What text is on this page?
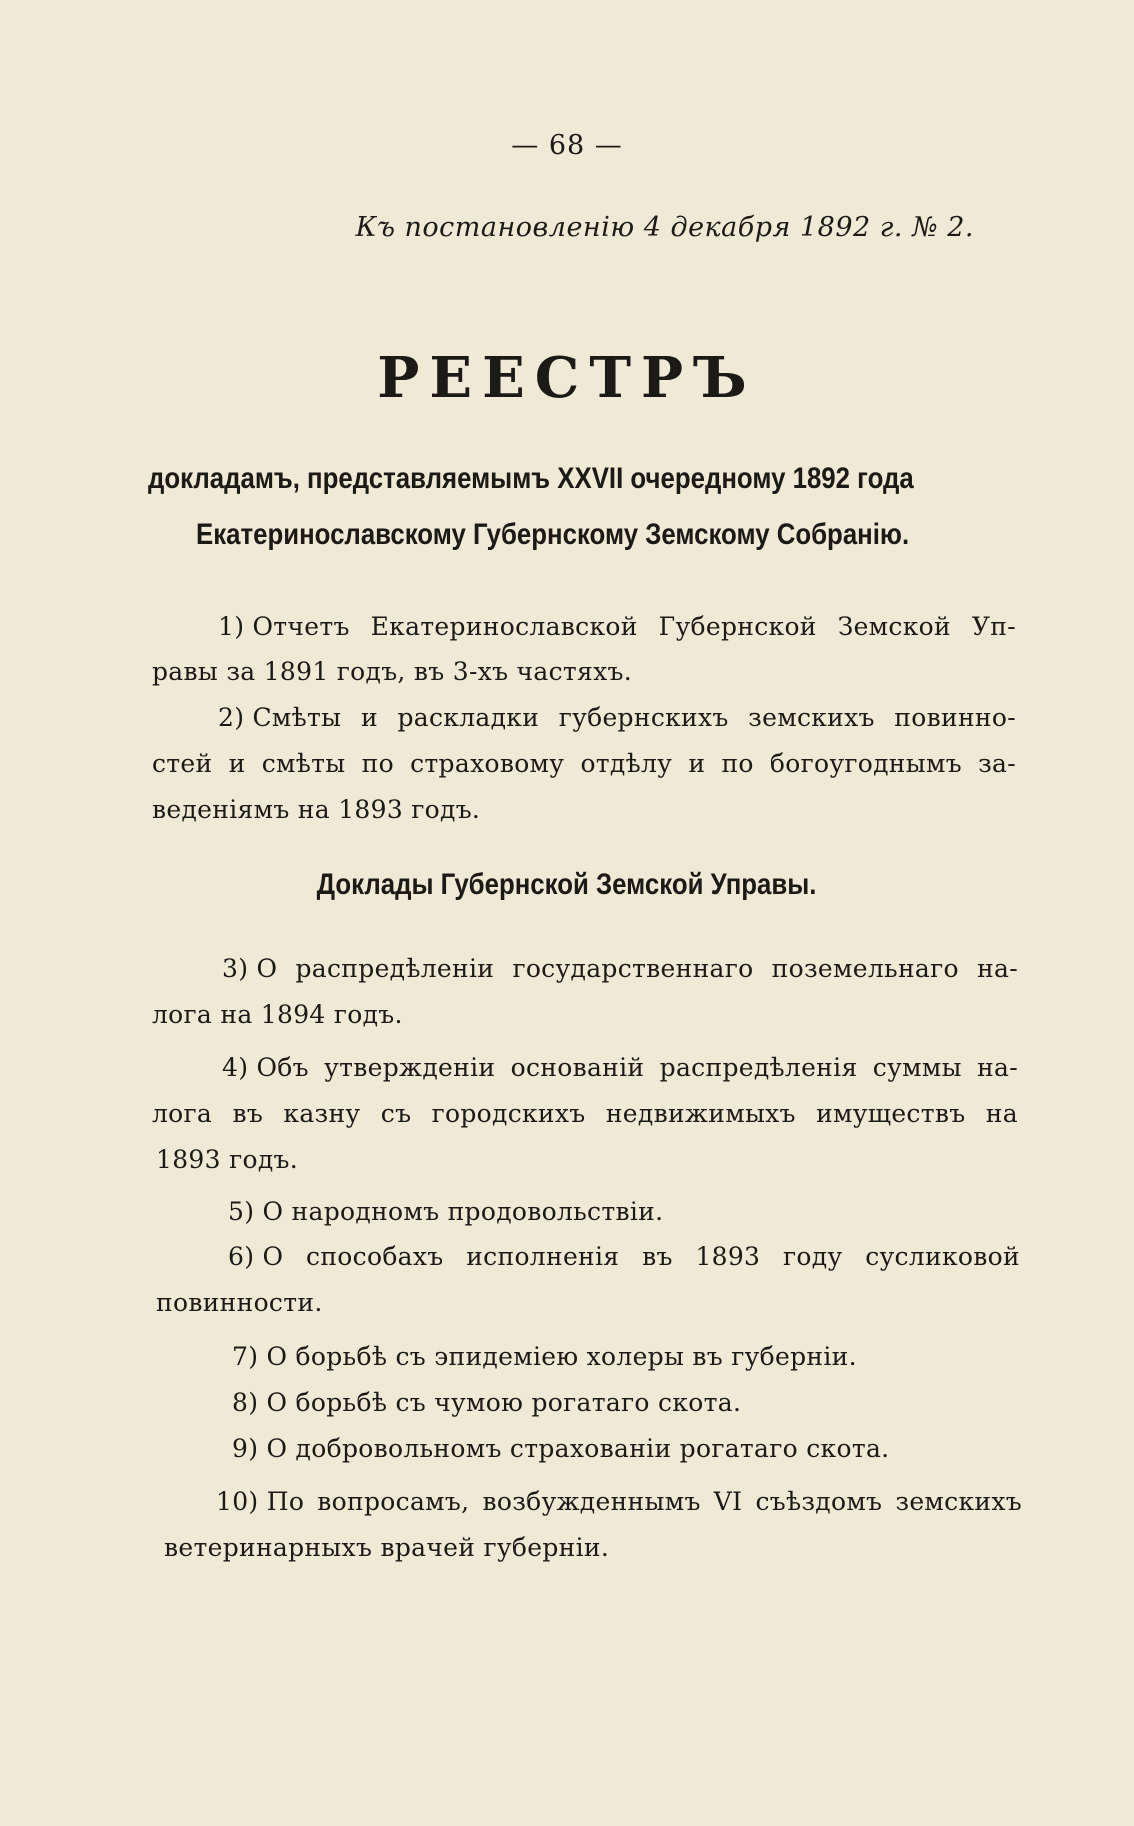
— 68 —
Къ постановленію 4 декабря 1892 г. № 2.
РЕЕСТРЪ
докладамъ, представляемымъ XXVII очередному 1892 года
Екатеринославскому Губернскому Земскому Собранію.
1) Отчетъ Екатеринославской Губернской Земской Уп-
равы за 1891 годъ, въ 3-хъ частяхъ.
2) Смѣты и раскладки губернскихъ земскихъ повинно-
стей и смѣты по страховому отдѣлу и по богоугоднымъ за-
веденіямъ на 1893 годъ.
Доклады Губернской Земской Управы.
3) О распредѣленіи государственнаго поземельнаго на-
лога на 1894 годъ.
4) Объ утвержденіи основаній распредѣленія суммы на-
лога въ казну съ городскихъ недвижимыхъ имуществъ на
1893 годъ.
5) О народномъ продовольствіи.
6) О способахъ исполненія въ 1893 году сусликовой
повинности.
7) О борьбѣ съ эпидеміею холеры въ губерніи.
8) О борьбѣ съ чумою рогатаго скота.
9) О добровольномъ страхованіи рогатаго скота.
10) По вопросамъ, возбужденнымъ VI съѣздомъ земскихъ
ветеринарныхъ врачей губерніи.
